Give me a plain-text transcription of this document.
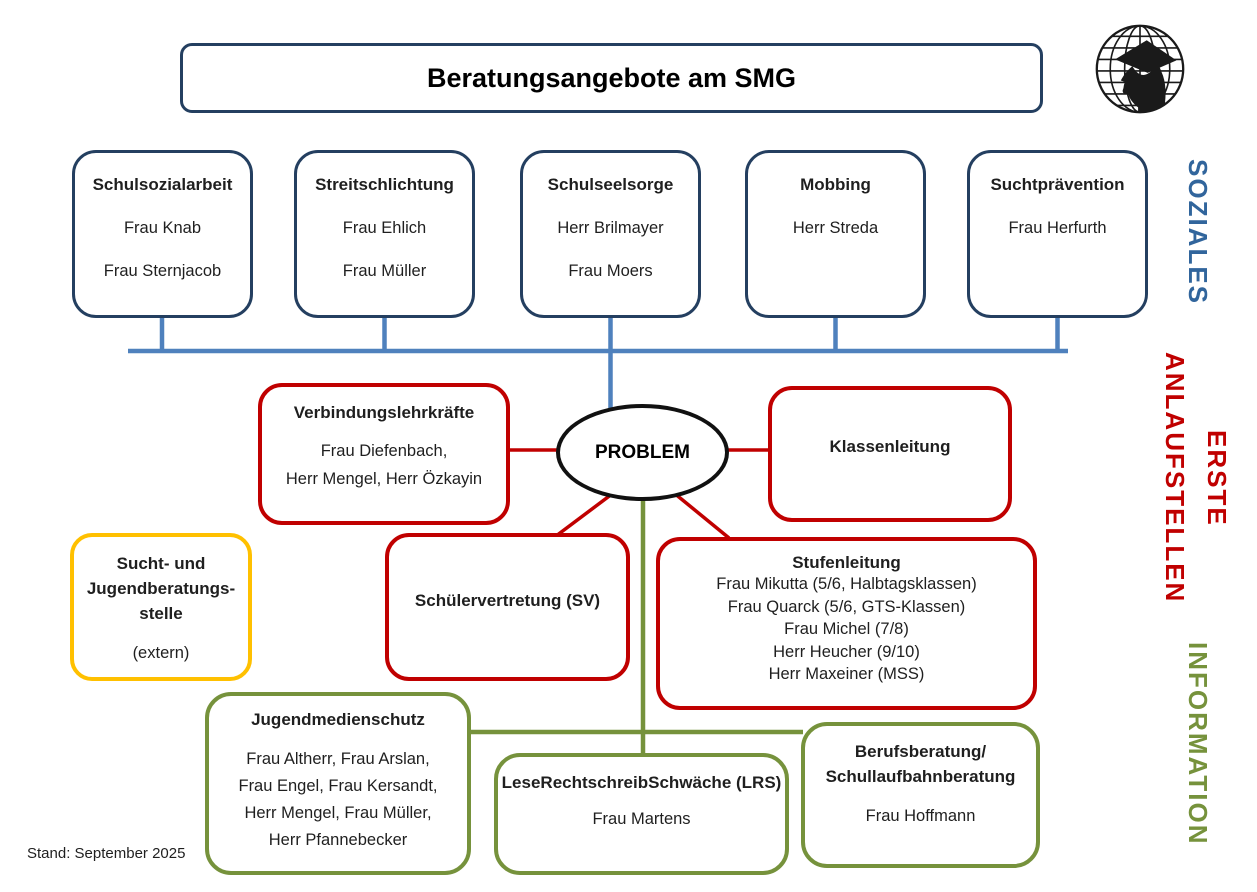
Beratungsangebote am SMG
Schulsozialarbeit
Frau Knab
Frau Sternjacob
Streitschlichtung
Frau Ehlich
Frau Müller
Schulseelsorge
Herr Brilmayer
Frau Moers
Mobbing
Herr Streda
Suchtprävention
Frau Herfurth
PROBLEM
Verbindungslehrkräfte
Frau Diefenbach,
Herr Mengel, Herr Özkayin
Klassenleitung
Schülervertretung (SV)
Stufenleitung
Frau Mikutta (5/6, Halbtagsklassen)
Frau Quarck (5/6, GTS-Klassen)
Frau Michel (7/8)
Herr Heucher (9/10)
Herr Maxeiner (MSS)
Sucht- und
Jugendberatungs-
stelle
(extern)
Jugendmedienschutz
Frau Altherr, Frau Arslan,
Frau Engel, Frau Kersandt,
Herr Mengel, Frau Müller,
Herr Pfannebecker
LeseRechtschreibSchwäche (LRS)
Frau Martens
Berufsberatung/
Schullaufbahnberatung
Frau Hoffmann
SOZIALES
ERSTE
ANLAUFSTELLEN
INFORMATION
Stand: September 2025
